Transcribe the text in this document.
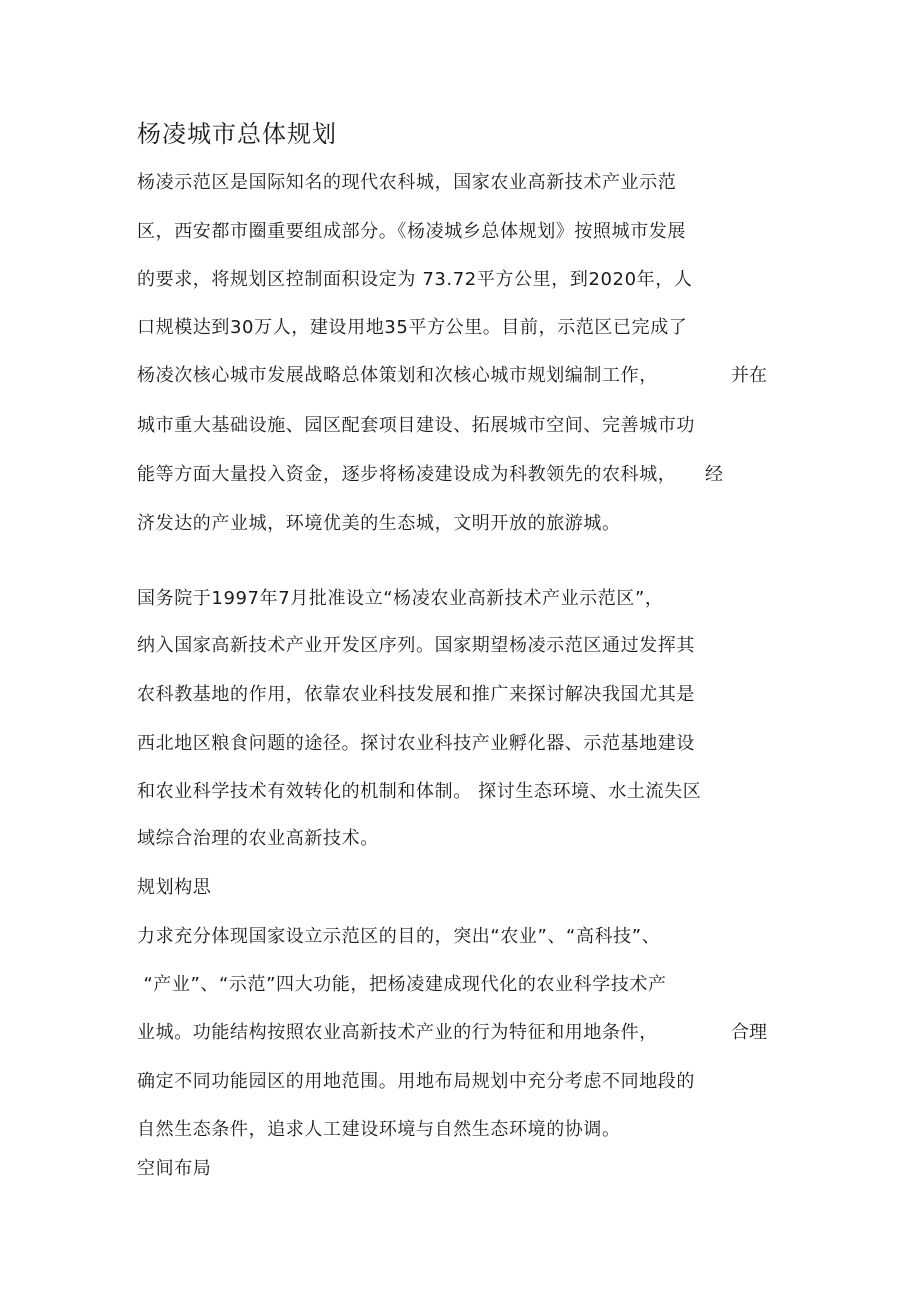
杨凌城市总体规划
杨凌示范区是国际知名的现代农科城，国家农业高新技术产业示范
区，西安都市圈重要组成部分。《杨凌城乡总体规划》按照城市发展
的要求，将规划区控制面积设定为 73.72平方公里，到2020年，人
口规模达到30万人，建设用地35平方公里。目前，示范区已完成了
杨凌次核心城市发展战略总体策划和次核心城市规划编制工作，	并在
城市重大基础设施、园区配套项目建设、拓展城市空间、完善城市功
能等方面大量投入资金，逐步将杨凌建设成为科教领先的农科城， 经
济发达的产业城，环境优美的生态城，文明开放的旅游城。
国务院于1997年7月批准设立“杨凌农业高新技术产业示范区”，
纳入国家高新技术产业开发区序列。国家期望杨凌示范区通过发挥其
农科教基地的作用，依靠农业科技发展和推广来探讨解决我国尤其是
西北地区粮食问题的途径。探讨农业科技产业孵化器、示范基地建设
和农业科学技术有效转化的机制和体制。 探讨生态环境、水土流失区
域综合治理的农业高新技术。
规划构思
力求充分体现国家设立示范区的目的，突出“农业”、“高科技”、
“产业”、“示范”四大功能，把杨凌建成现代化的农业科学技术产
业城。功能结构按照农业高新技术产业的行为特征和用地条件，	合理
确定不同功能园区的用地范围。用地布局规划中充分考虑不同地段的
自然生态条件，追求人工建设环境与自然生态环境的协调。
空间布局
